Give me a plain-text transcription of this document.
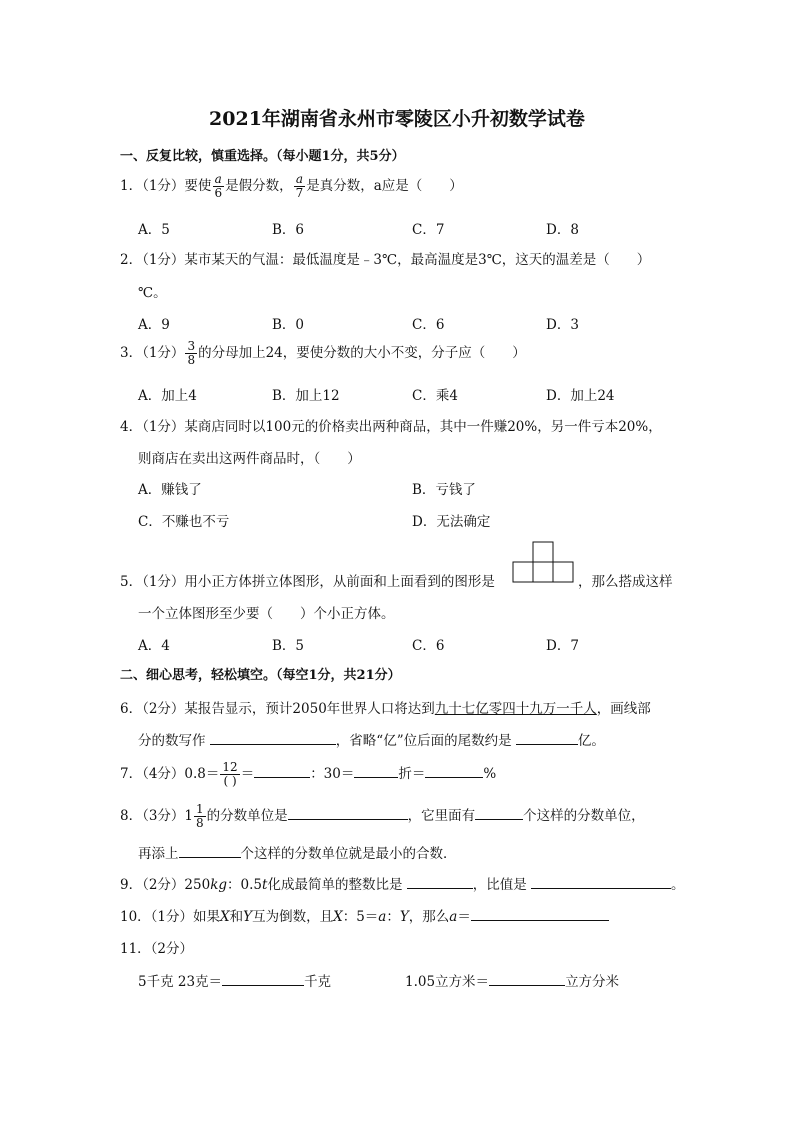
2021年湖南省永州市零陵区小升初数学试卷
一、反复比较，慎重选择。（每小题1分，共5分）
1．（1分）要使 $\frac{a}{6}$ 是假分数， $\frac{a}{7}$ 是真分数，a应是（　　）
A．5	B．6	C．7	D．8
2．（1分）某市某天的气温：最低温度是﹣3℃，最高温度是3℃，这天的温差是（　　）
℃。
A．9	B．0	C．6	D．3
3．（1分） $\frac{3}{8}$ 的分母加上24，要使分数的大小不变，分子应（　　）
A．加上4	B．加上12	C．乘4	D．加上24
4．（1分）某商店同时以100元的价格卖出两种商品，其中一件赚20%，另一件亏本20%，
则商店在卖出这两件商品时，（　　）
A．赚钱了	B．亏钱了
C．不赚也不亏	D．无法确定
5．（1分）用小正方体拼立体图形，从前面和上面看到的图形是	，那么搭成这样
一个立体图形至少要（　　）个小正方体。
A．4	B．5	C．6	D．7
二、细心思考，轻松填空。（每空1分，共21分）
6．（2分）某报告显示，预计2050年世界人口将达到九十七亿零四十九万一千人，画线部
分的数写作	，省略“亿”位后面的尾数约是	亿。
7．（4分）$0.8= \frac{12}{( )}$ ＝	：30＝	折＝	%
8．（3分）$1 \frac{1}{8}$ 的分数单位是	，它里面有	个这样的分数单位，
再添上	个这样的分数单位就是最小的合数．
9．（2分）250kg：0.5t化成最简单的整数比是	，比值是	。
10．（1分）如果X和Y互为倒数，且X：5＝a：Y，那么a＝
11．（2分）
5千克 23克＝	千克	1.05立方米＝	立方分米
